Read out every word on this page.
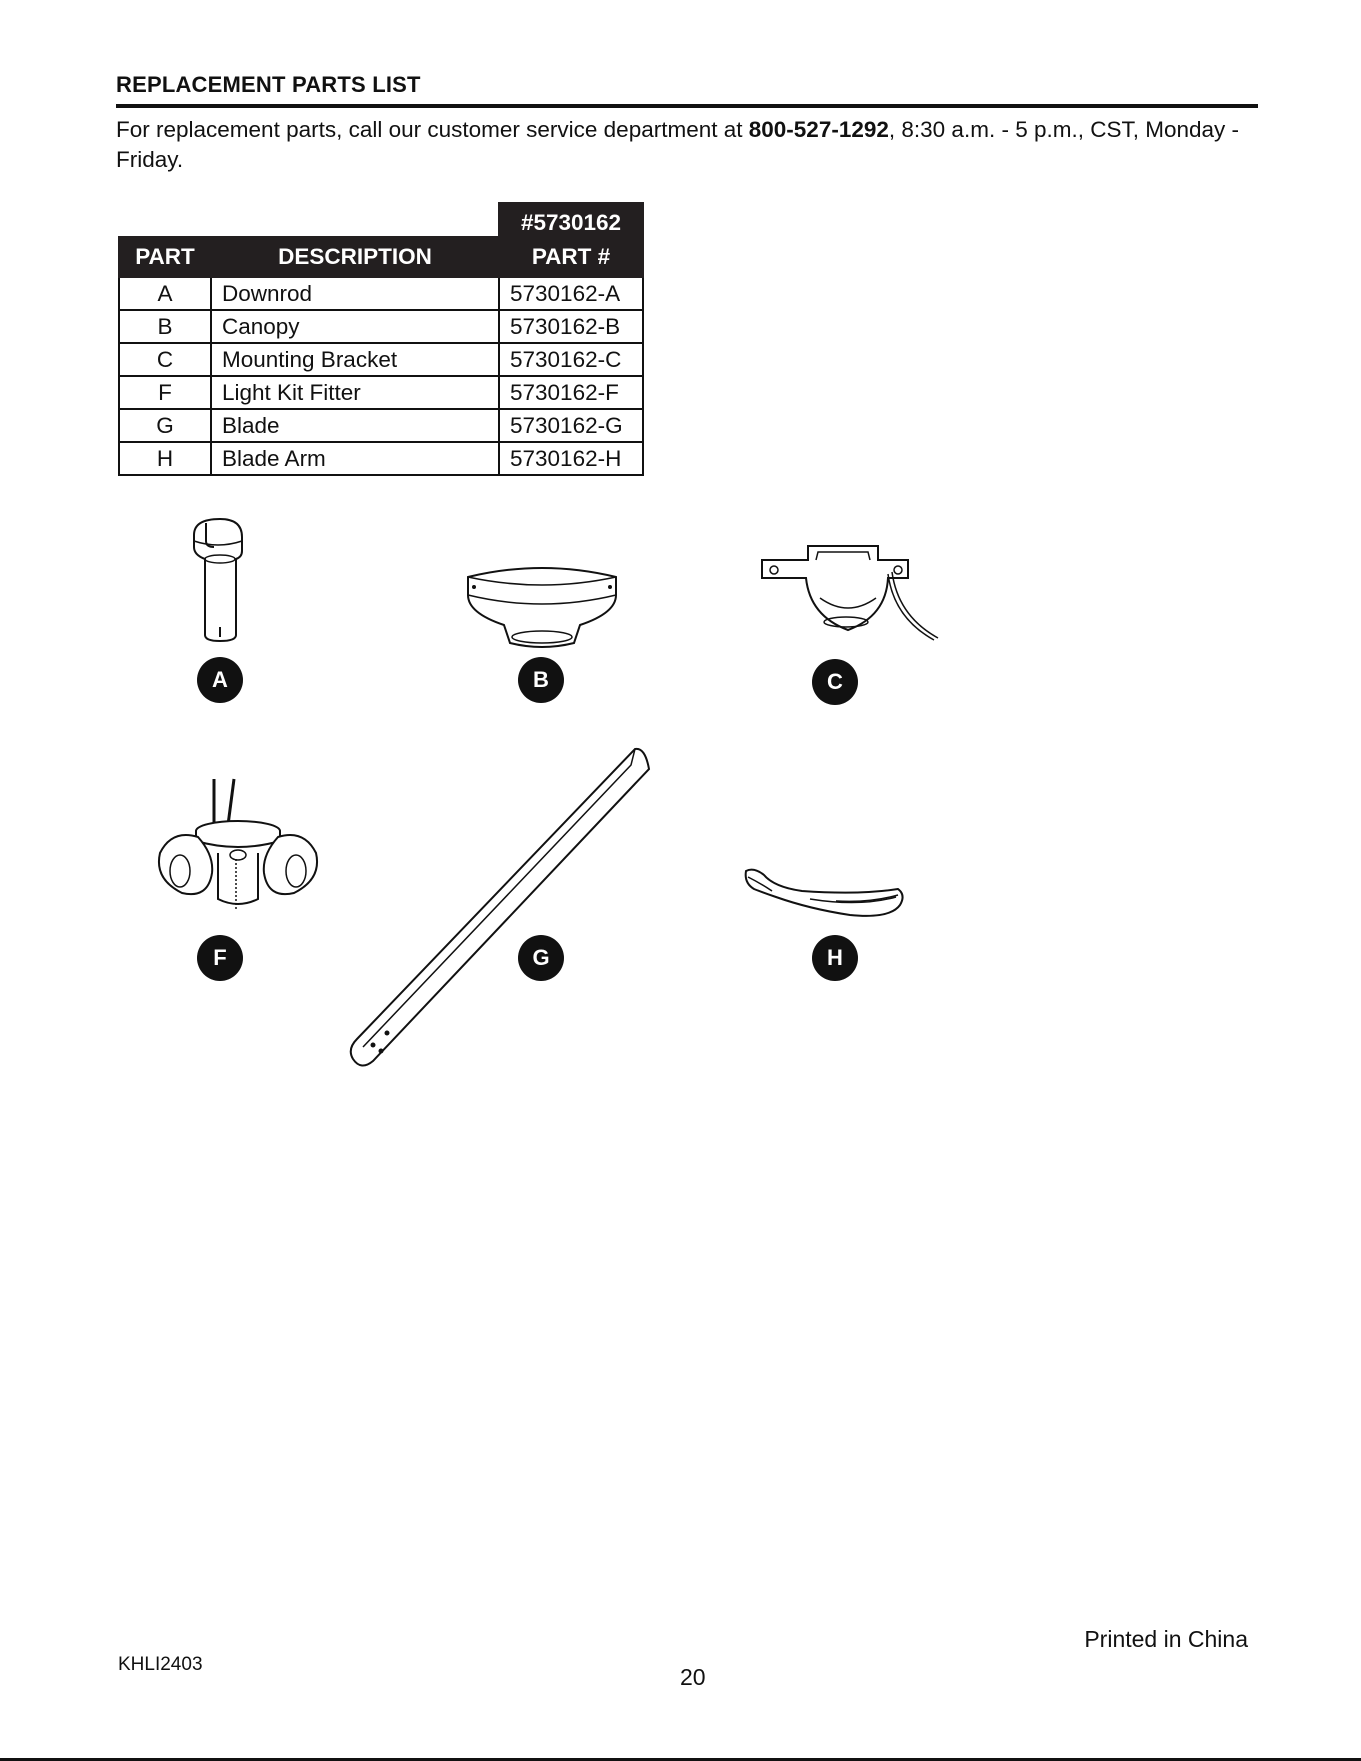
REPLACEMENT PARTS LIST
For replacement parts, call our customer service department at 800-527-1292, 8:30 a.m. - 5 p.m., CST, Monday - Friday.
		#5730162
PART	DESCRIPTION	PART #
A	Downrod	5730162-A
B	Canopy	5730162-B
C	Mounting Bracket	5730162-C
F	Light Kit Fitter	5730162-F
G	Blade	5730162-G
H	Blade Arm	5730162-H
A	B	C
F	G	H
Printed in China
KHLI2403	20
